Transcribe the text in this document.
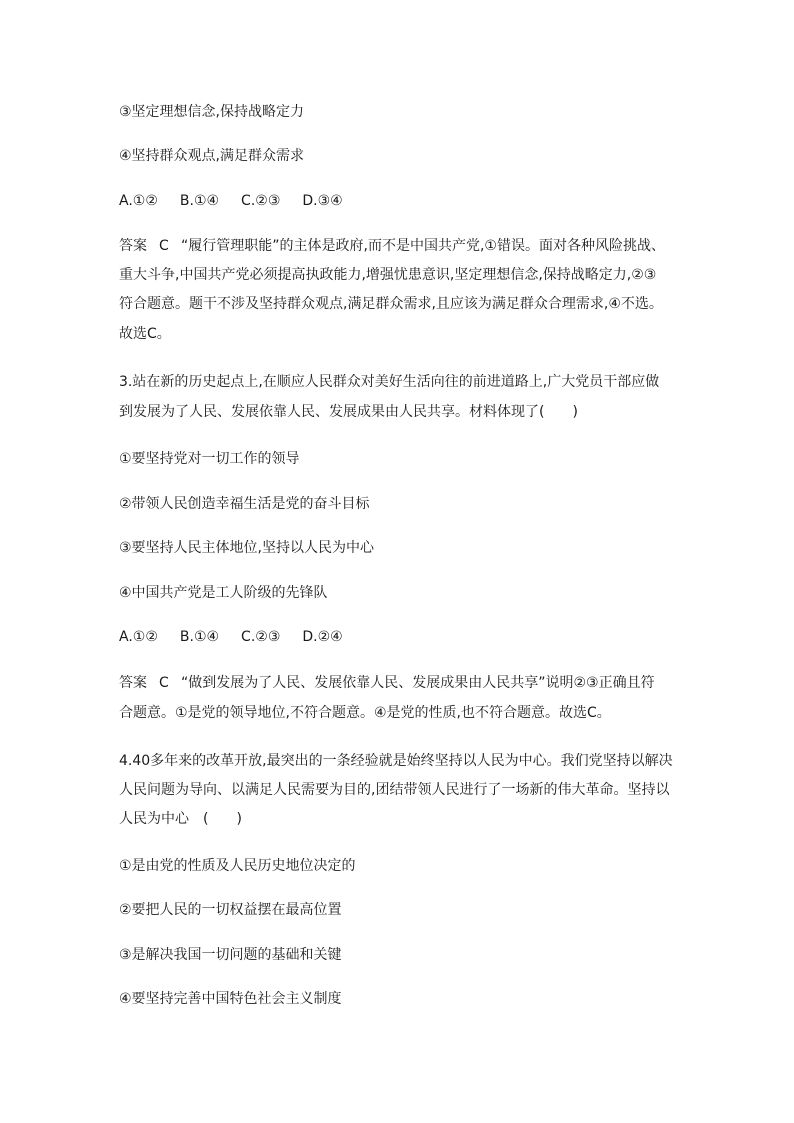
③坚定理想信念,保持战略定力

④坚持群众观点,满足群众需求

A.①② B.①④ C.②③ D.③④

答案 C “履行管理职能”的主体是政府,而不是中国共产党,①错误。面对各种风险挑战、

重大斗争,中国共产党必须提高执政能力,增强忧患意识,坚定理想信念,保持战略定力,②③

符合题意。题干不涉及坚持群众观点,满足群众需求,且应该为满足群众合理需求,④不选。

故选C。

3.站在新的历史起点上,在顺应人民群众对美好生活向往的前进道路上,广大党员干部应做

到发展为了人民、发展依靠人民、发展成果由人民共享。材料体现了(　　)

①要坚持党对一切工作的领导

②带领人民创造幸福生活是党的奋斗目标

③要坚持人民主体地位,坚持以人民为中心

④中国共产党是工人阶级的先锋队

A.①② B.①④ C.②③ D.②④

答案 C “做到发展为了人民、发展依靠人民、发展成果由人民共享”说明②③正确且符

合题意。①是党的领导地位,不符合题意。④是党的性质,也不符合题意。故选C。

4.40多年来的改革开放,最突出的一条经验就是始终坚持以人民为中心。我们党坚持以解决

人民问题为导向、以满足人民需要为目的,团结带领人民进行了一场新的伟大革命。坚持以

人民为中心　(　　)

①是由党的性质及人民历史地位决定的

②要把人民的一切权益摆在最高位置

③是解决我国一切问题的基础和关键

④要坚持完善中国特色社会主义制度
